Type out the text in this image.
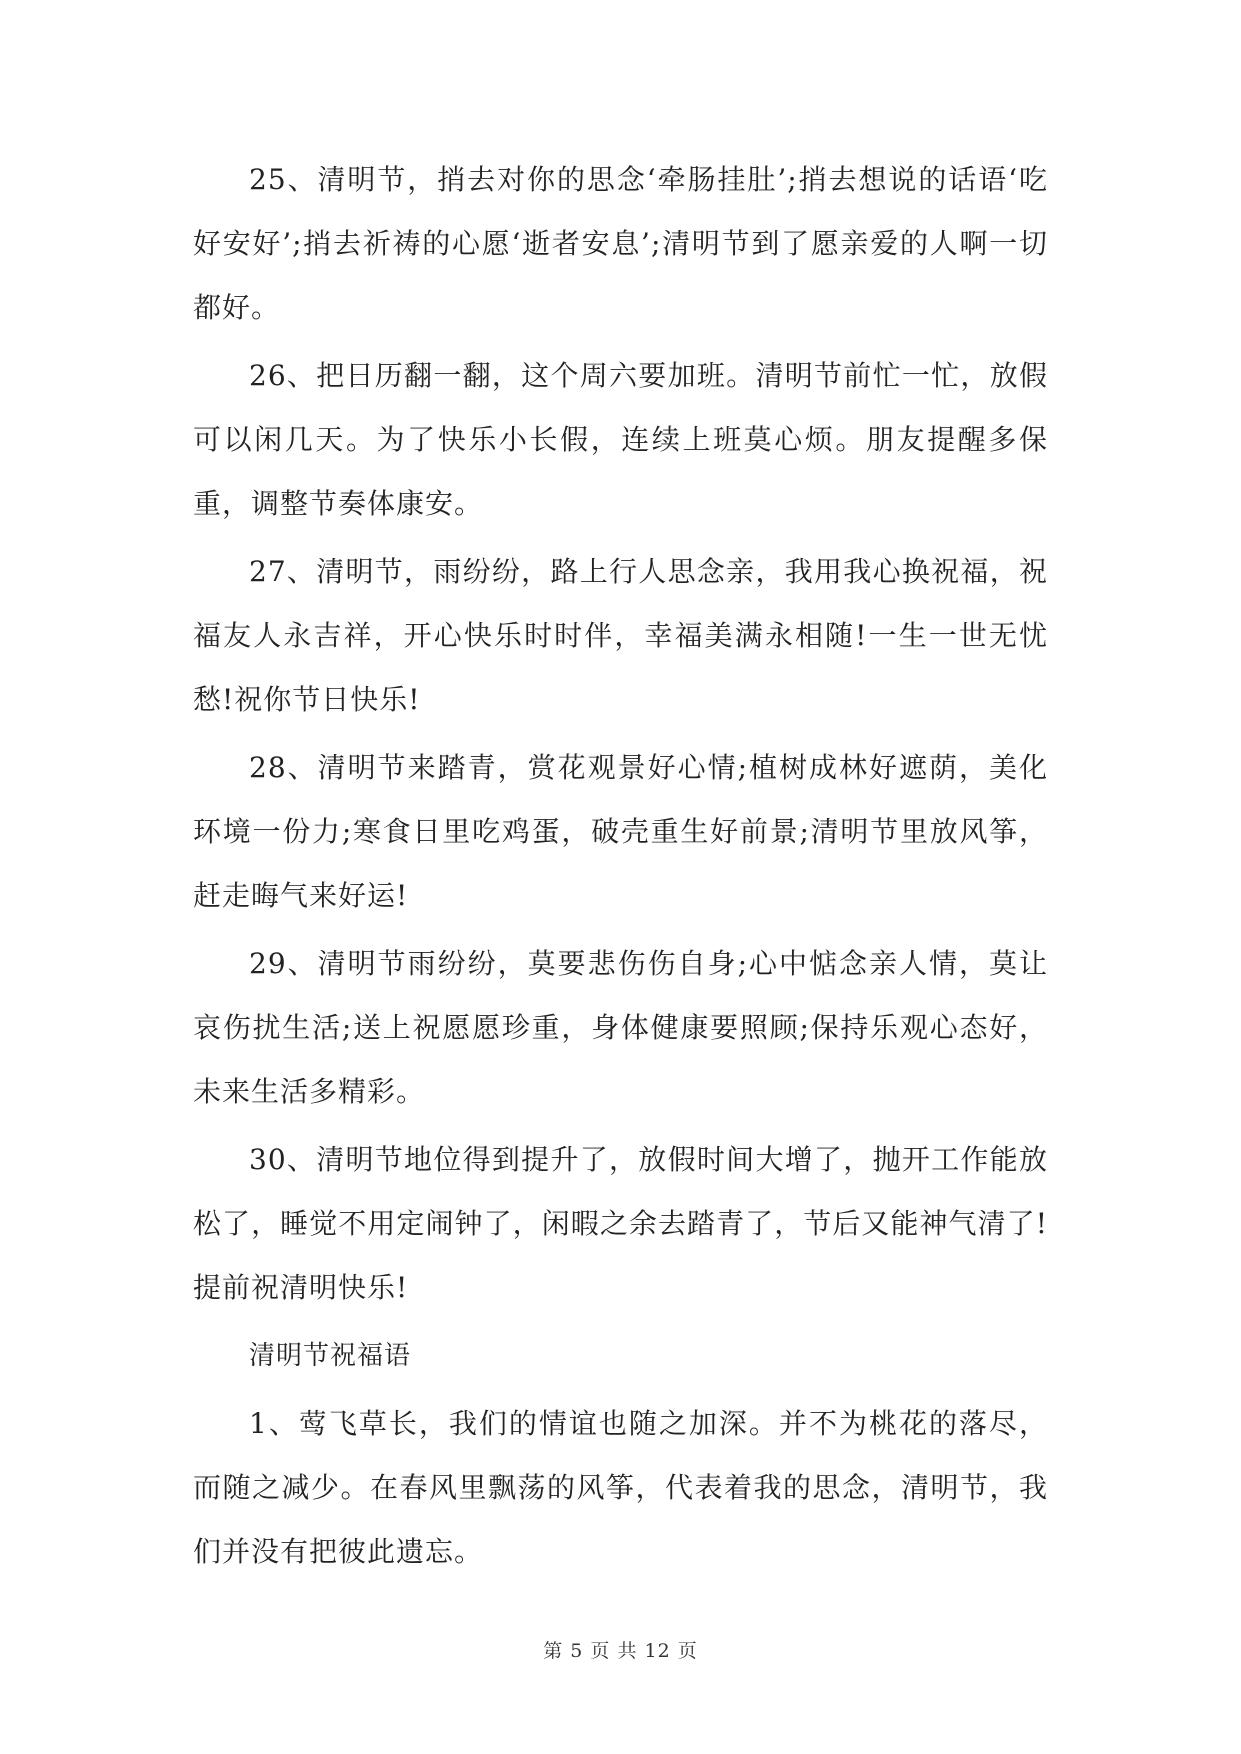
25、清明节，捎去对你的思念‘牵肠挂肚’;捎去想说的话语‘吃好安好’;捎去祈祷的心愿‘逝者安息’;清明节到了愿亲爱的人啊一切都好。

26、把日历翻一翻，这个周六要加班。清明节前忙一忙，放假可以闲几天。为了快乐小长假，连续上班莫心烦。朋友提醒多保重，调整节奏体康安。

27、清明节，雨纷纷，路上行人思念亲，我用我心换祝福，祝福友人永吉祥，开心快乐时时伴，幸福美满永相随!一生一世无忧愁!祝你节日快乐!

28、清明节来踏青，赏花观景好心情;植树成林好遮荫，美化环境一份力;寒食日里吃鸡蛋，破壳重生好前景;清明节里放风筝，赶走晦气来好运!

29、清明节雨纷纷，莫要悲伤伤自身;心中惦念亲人情，莫让哀伤扰生活;送上祝愿愿珍重，身体健康要照顾;保持乐观心态好，未来生活多精彩。

30、清明节地位得到提升了，放假时间大增了，抛开工作能放松了，睡觉不用定闹钟了，闲暇之余去踏青了，节后又能神气清了!提前祝清明快乐!

清明节祝福语

1、莺飞草长，我们的情谊也随之加深。并不为桃花的落尽，而随之减少。在春风里飘荡的风筝，代表着我的思念，清明节，我们并没有把彼此遗忘。

第 5 页 共 12 页
